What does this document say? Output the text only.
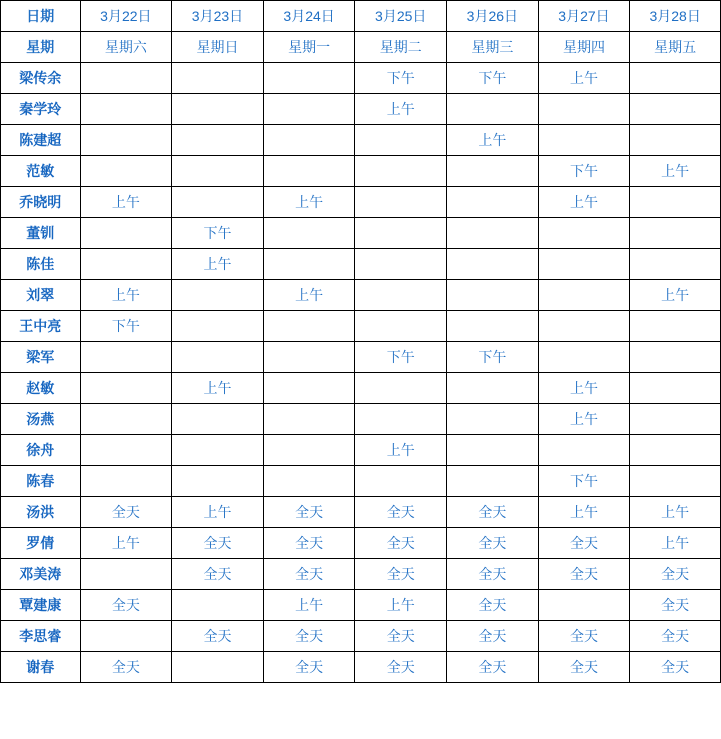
日期	3月22日	3月23日	3月24日	3月25日	3月26日	3月27日	3月28日
星期	星期六	星期日	星期一	星期二	星期三	星期四	星期五
梁传余				下午	下午	上午	
秦学玲				上午			
陈建超					上午		
范敏						下午	上午
乔晓明	上午		上午			上午	
董钏		下午					
陈佳		上午					
刘翠	上午		上午				上午
王中亮	下午						
梁军				下午	下午		
赵敏		上午				上午	
汤燕						上午	
徐舟				上午			
陈春						下午	
汤洪	全天	上午	全天	全天	全天	上午	上午
罗倩	上午	全天	全天	全天	全天	全天	上午
邓美涛		全天	全天	全天	全天	全天	全天
覃建康	全天		上午	上午	全天		全天
李思睿		全天	全天	全天	全天	全天	全天
谢春	全天		全天	全天	全天	全天	全天
